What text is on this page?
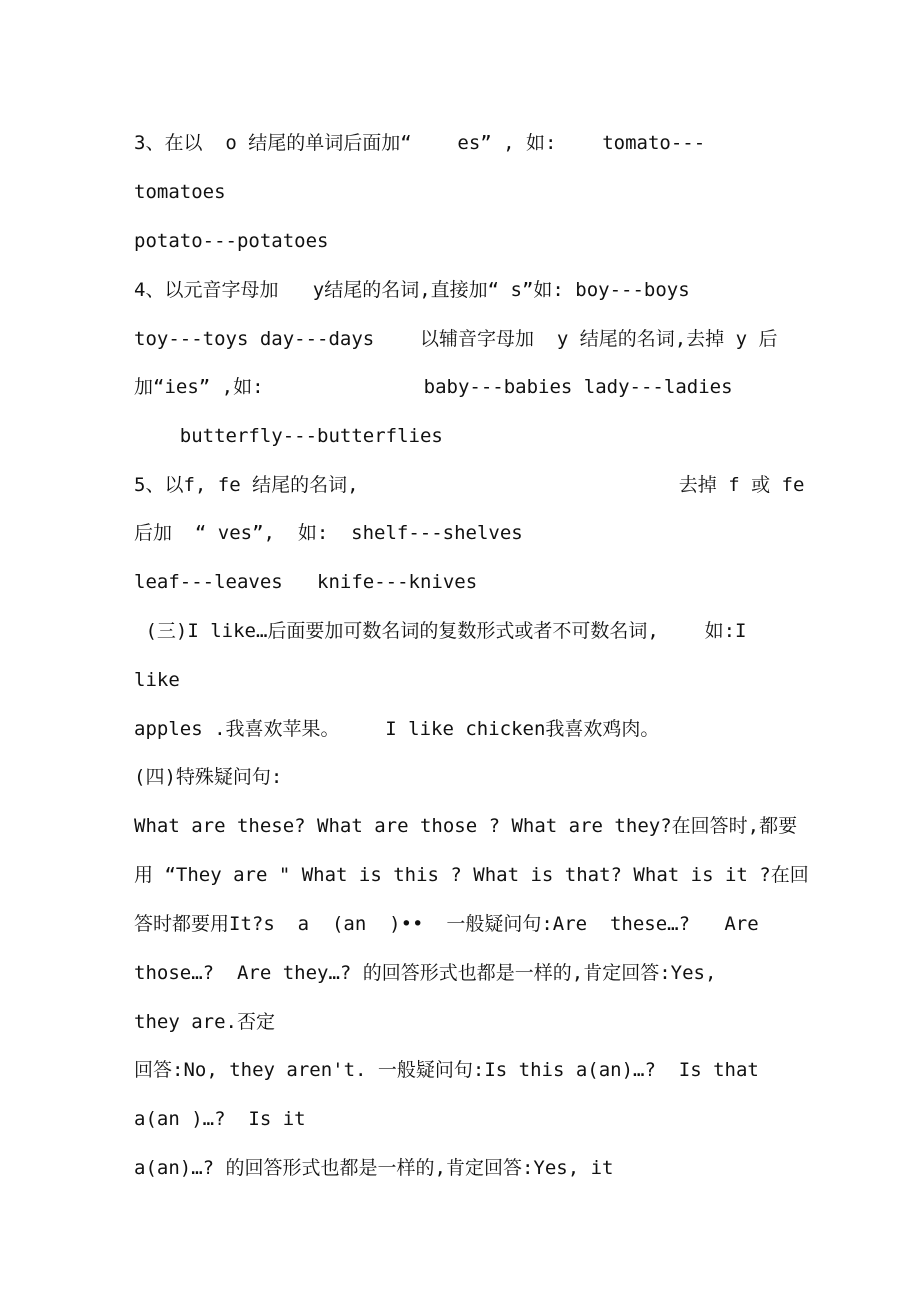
3、在以  o 结尾的单词后面加“    es” , 如:    tomato---
tomatoes
potato---potatoes
4、以元音字母加   y结尾的名词,直接加“ s”如: boy---boys
toy---toys day---days    以辅音字母加  y 结尾的名词,去掉 y 后
加“ies” ,如:              baby---babies lady---ladies
butterfly---butterflies
5、以f, fe 结尾的名词,                            去掉 f 或 fe
后加  “ ves”,  如:  shelf---shelves
leaf---leaves   knife---knives
(三)I like…后面要加可数名词的复数形式或者不可数名词,    如:I
like
apples .我喜欢苹果。    I like chicken我喜欢鸡肉。
(四)特殊疑问句:
What are these? What are those ? What are they?在回答时,都要
用 “They are " What is this ? What is that? What is it ?在回
答时都要用It?s  a  (an  )••  一般疑问句:Are  these…?   Are
those…?  Are they…? 的回答形式也都是一样的,肯定回答:Yes,
they are.否定
回答:No, they aren't. 一般疑问句:Is this a(an)…?  Is that
a(an )…?  Is it
a(an)…? 的回答形式也都是一样的,肯定回答:Yes, it
